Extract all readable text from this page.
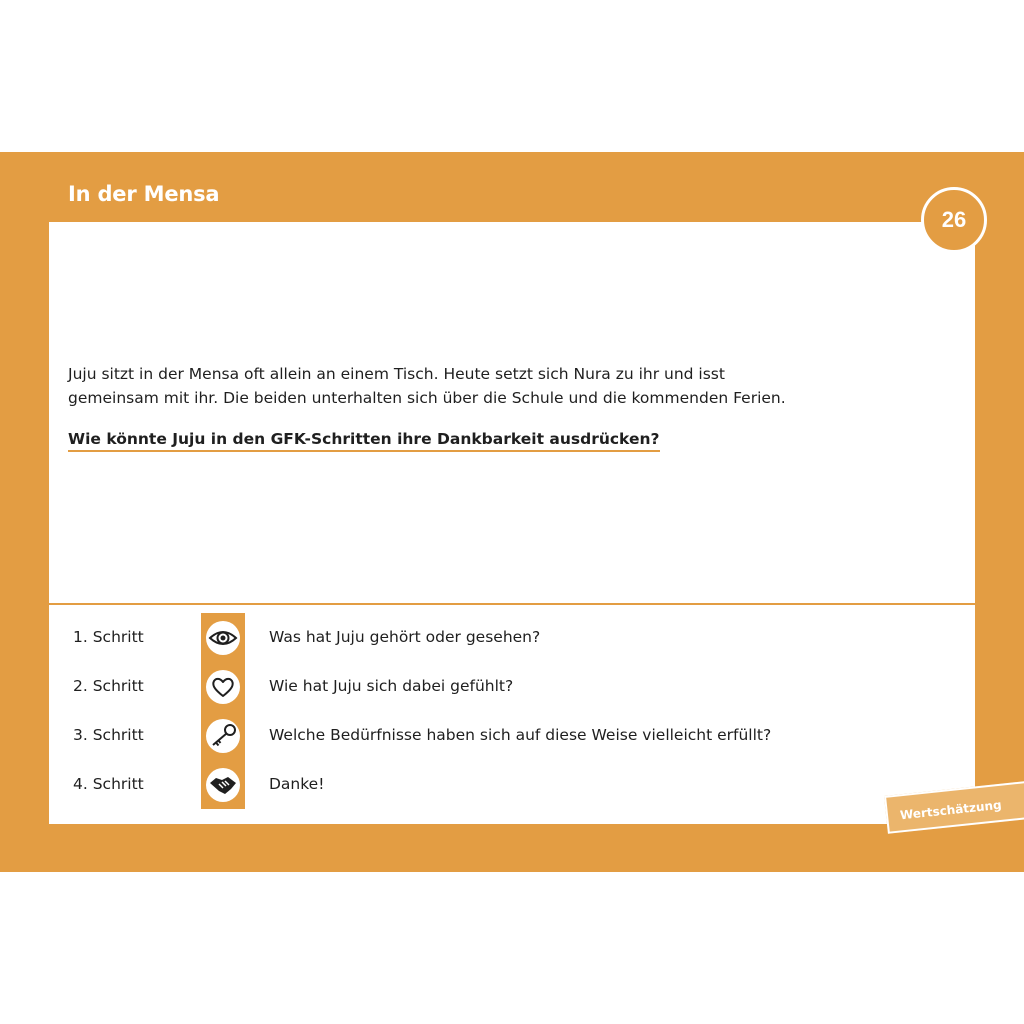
In der Mensa
26

Juju sitzt in der Mensa oft allein an einem Tisch. Heute setzt sich Nura zu ihr und isst

gemeinsam mit ihr. Die beiden unterhalten sich über die Schule und die kommenden Ferien.

Wie könnte Juju in den GFK-Schritten ihre Dankbarkeit ausdrücken?
1. Schritt	Was hat Juju gehört oder gesehen?
2. Schritt	Wie hat Juju sich dabei gefühlt?
3. Schritt	Welche Bedürfnisse haben sich auf diese Weise vielleicht erfüllt?
4. Schritt	Danke!
Wertschätzung
